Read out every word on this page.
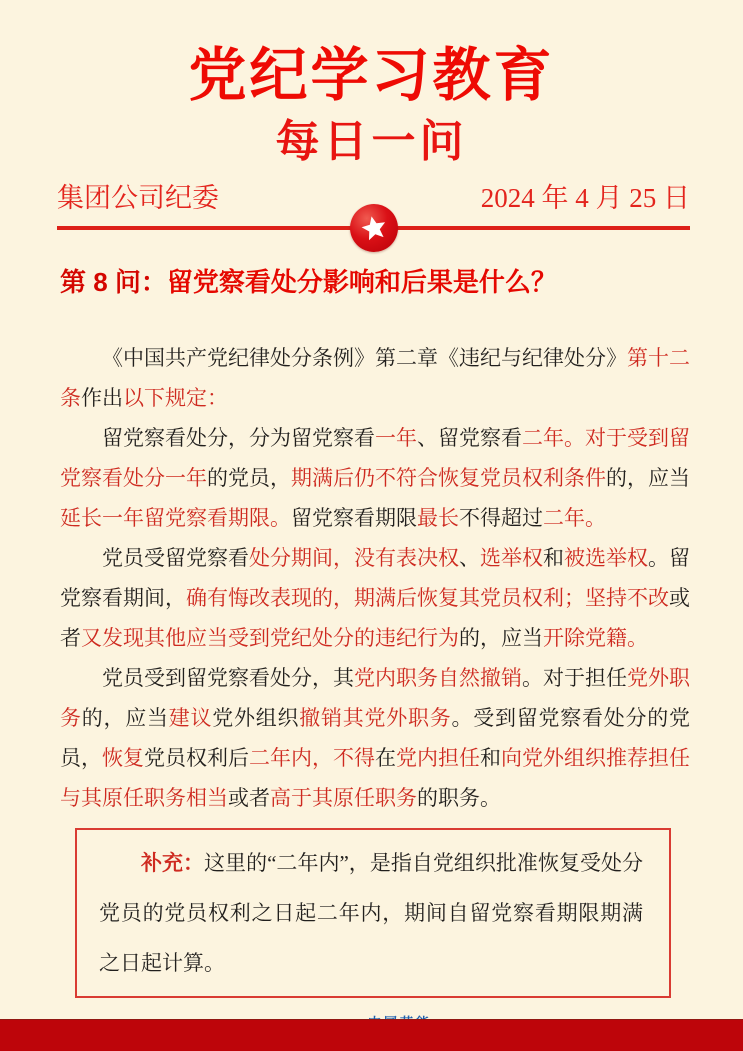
党纪学习教育
每日一问
集团公司纪委	2024 年 4 月 25 日
第 8 问：留党察看处分影响和后果是什么？

《中国共产党纪律处分条例》第二章《违纪与纪律处分》第十二条作出以下规定：

留党察看处分，分为留党察看一年、留党察看二年。对于受到留党察看处分一年的党员，期满后仍不符合恢复党员权利条件的，应当延长一年留党察看期限。留党察看期限最长不得超过二年。

党员受留党察看处分期间，没有表决权、选举权和被选举权。留党察看期间，确有悔改表现的，期满后恢复其党员权利；坚持不改或者又发现其他应当受到党纪处分的违纪行为的，应当开除党籍。

党员受到留党察看处分，其党内职务自然撤销。对于担任党外职务的，应当建议党外组织撤销其党外职务。受到留党察看处分的党员，恢复党员权利后二年内，不得在党内担任和向党外组织推荐担任与其原任职务相当或者高于其原任职务的职务。

补充：这里的“二年内”，是指自党组织批准恢复受处分党员的党员权利之日起二年内，期间自留党察看期限期满之日起计算。
